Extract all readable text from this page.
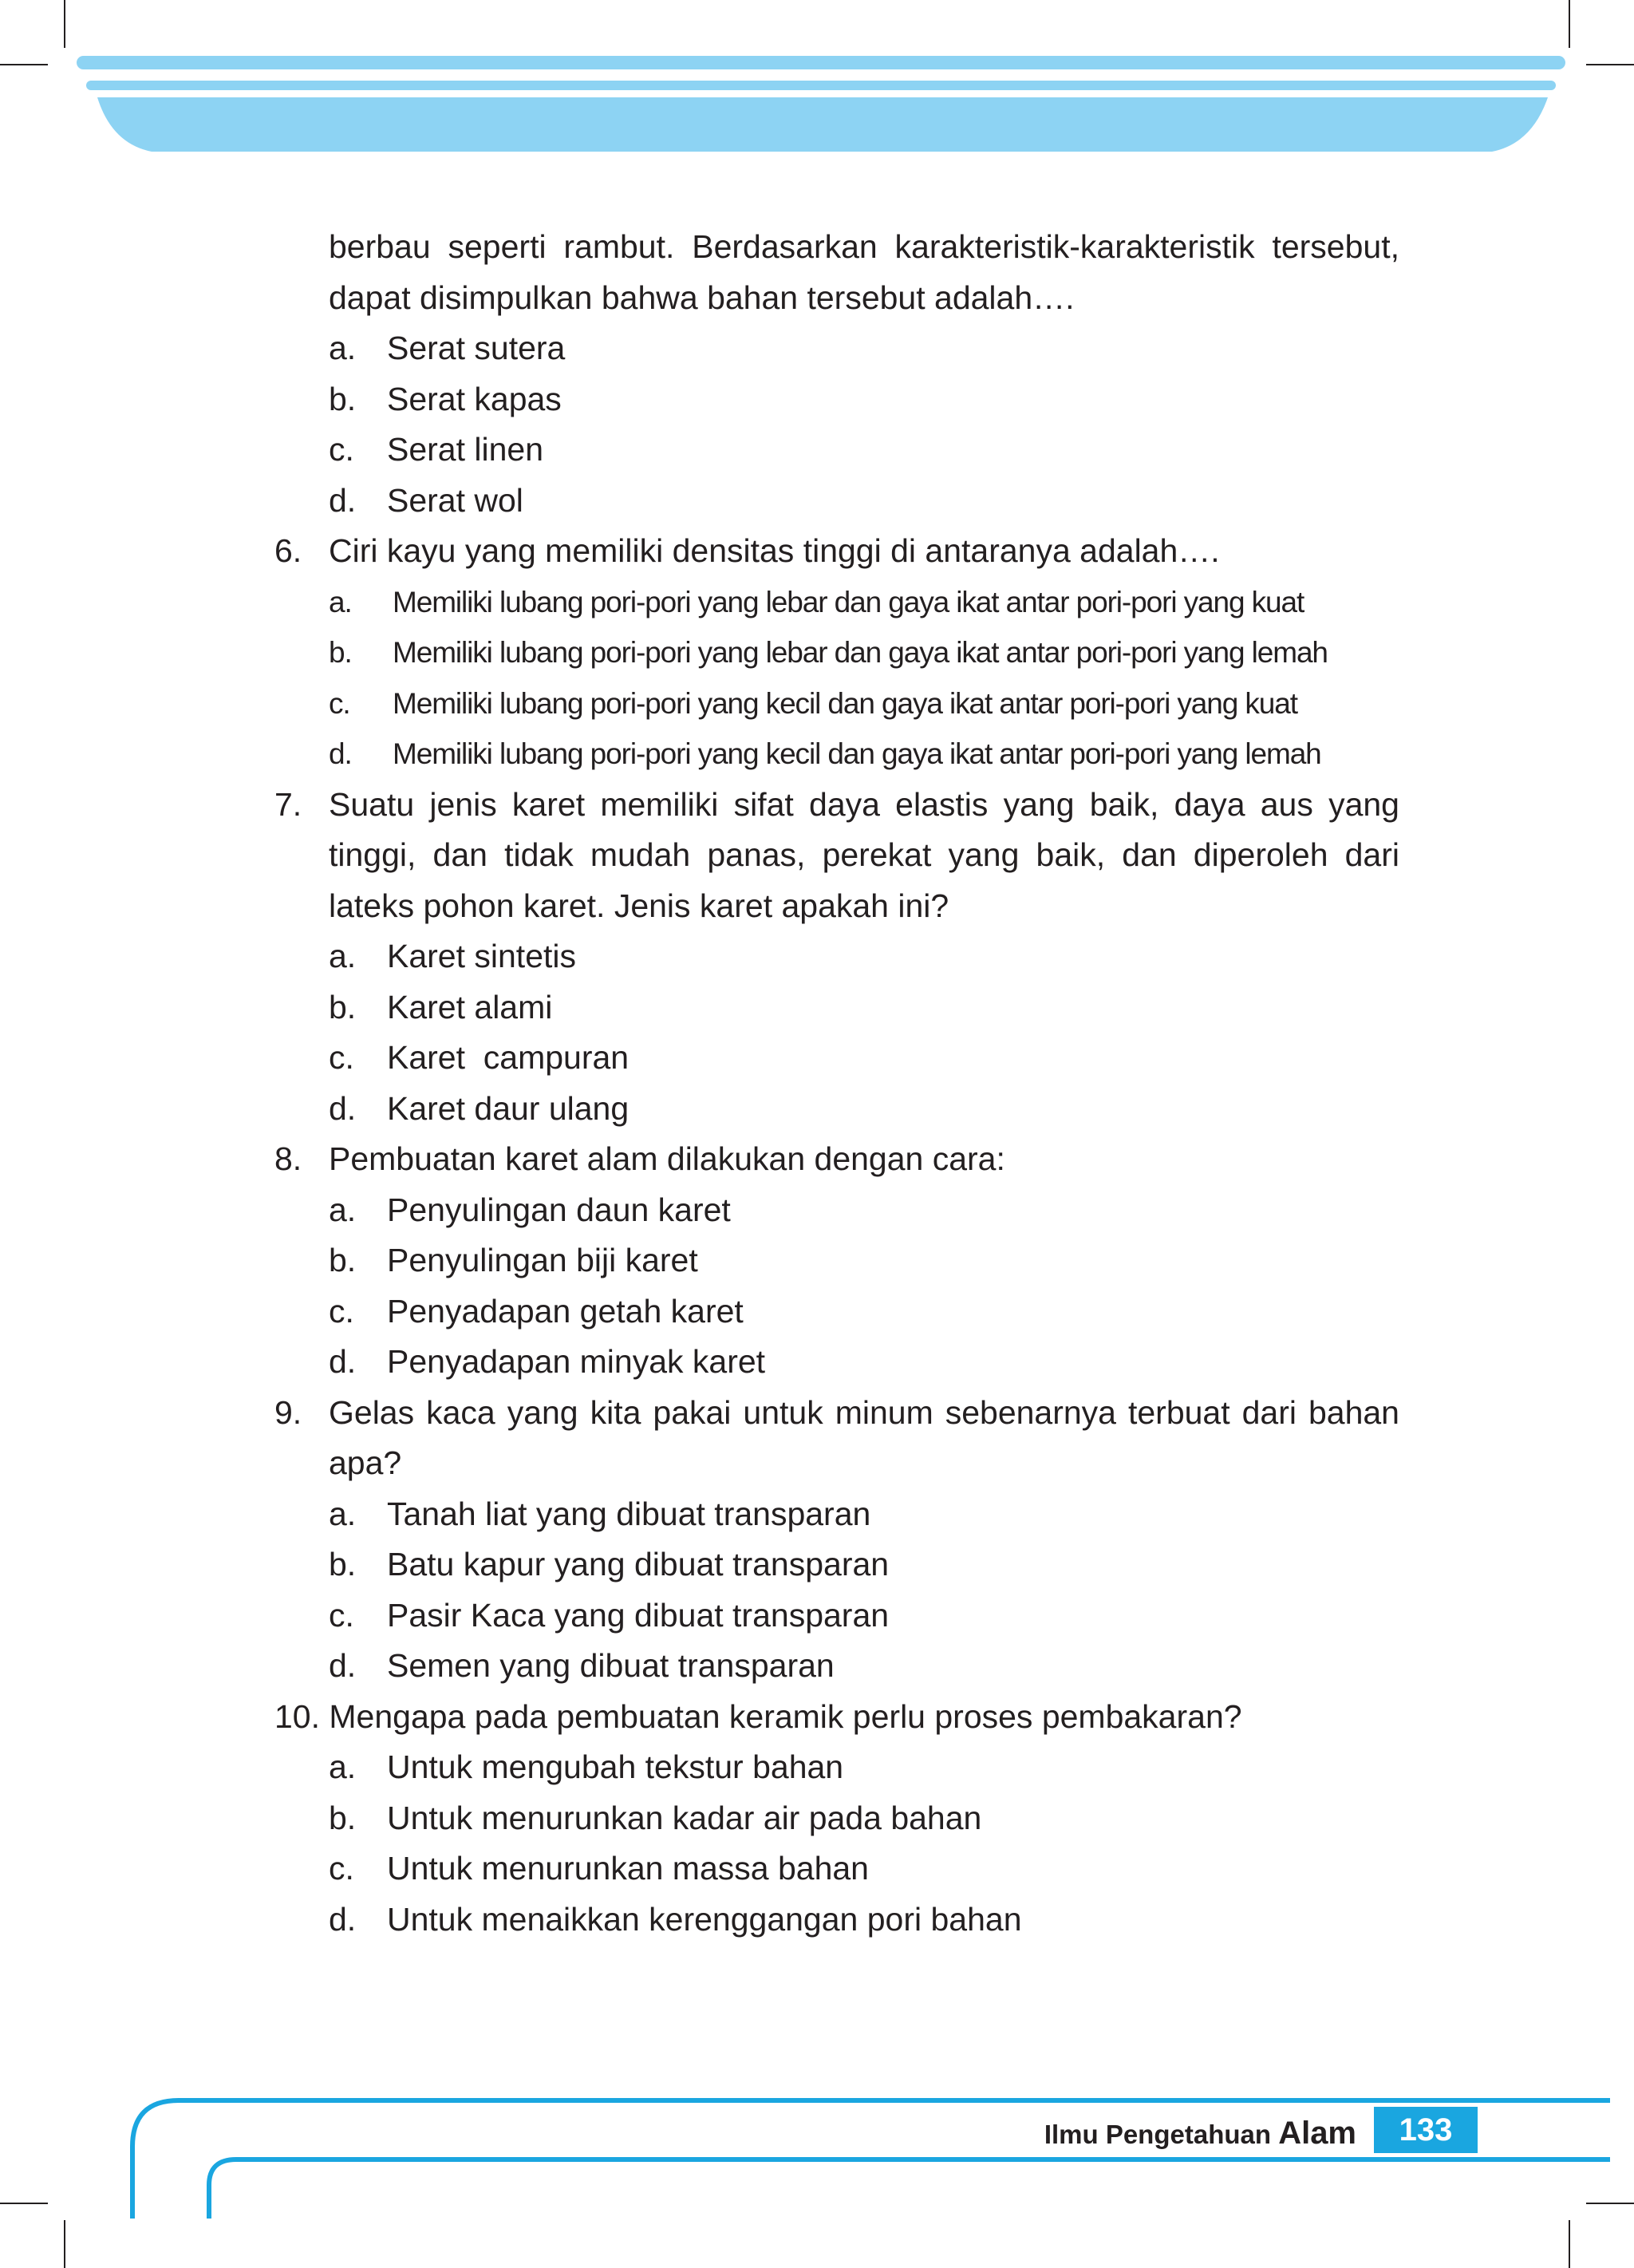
berbau seperti rambut. Berdasarkan karakteristik-karakteristik tersebut,
dapat disimpulkan bahwa bahan tersebut adalah….
a. Serat sutera
b. Serat kapas
c. Serat linen
d. Serat wol
6. Ciri kayu yang memiliki densitas tinggi di antaranya adalah….
a. Memiliki lubang pori-pori yang lebar dan gaya ikat antar pori-pori yang kuat
b. Memiliki lubang pori-pori yang lebar dan gaya ikat antar pori-pori yang lemah
c. Memiliki lubang pori-pori yang kecil dan gaya ikat antar pori-pori yang kuat
d. Memiliki lubang pori-pori yang kecil dan gaya ikat antar pori-pori yang lemah
7. Suatu jenis karet memiliki sifat daya elastis yang baik, daya aus yang tinggi, dan tidak mudah panas, perekat yang baik, dan diperoleh dari lateks pohon karet. Jenis karet apakah ini?
a. Karet sintetis
b. Karet alami
c. Karet  campuran
d. Karet daur ulang
8. Pembuatan karet alam dilakukan dengan cara:
a. Penyulingan daun karet
b. Penyulingan biji karet
c. Penyadapan getah karet
d. Penyadapan minyak karet
9. Gelas kaca yang kita pakai untuk minum sebenarnya terbuat dari bahan apa?
a. Tanah liat yang dibuat transparan
b. Batu kapur yang dibuat transparan
c. Pasir Kaca yang dibuat transparan
d. Semen yang dibuat transparan
10. Mengapa pada pembuatan keramik perlu proses pembakaran?
a. Untuk mengubah tekstur bahan
b. Untuk menurunkan kadar air pada bahan
c. Untuk menurunkan massa bahan
d. Untuk menaikkan kerenggangan pori bahan
Ilmu Pengetahuan Alam	133
